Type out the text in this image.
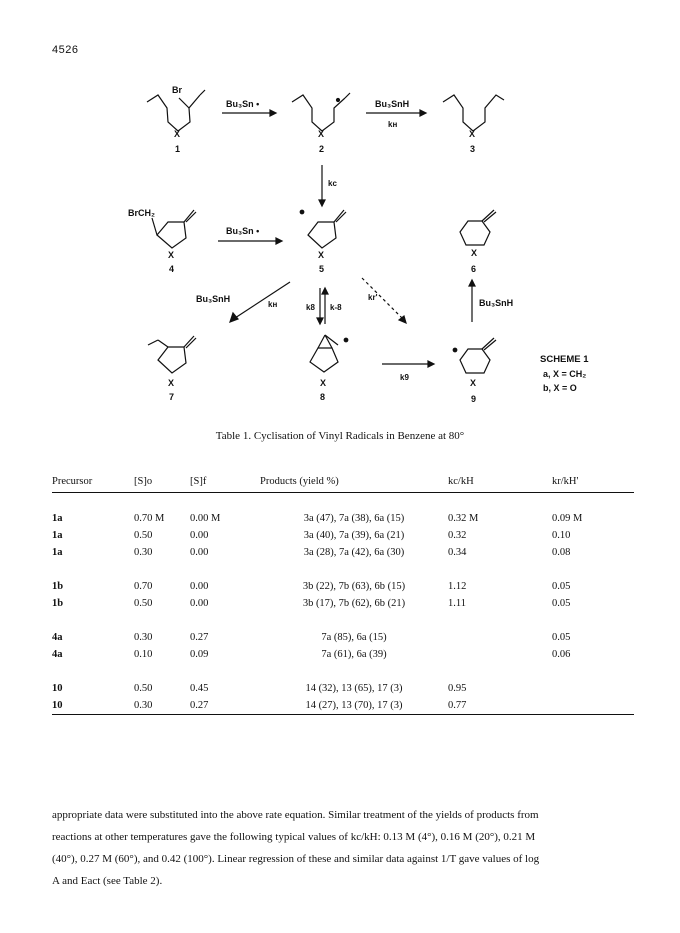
4526
Br
X
1
Bu₃Sn •
X
2
Bu₃SnH
kʜ
X
3
kc
BrCH₂
X
4
Bu₃Sn •
X
5
X
6
Bu₃SnH
kʜ	k8 k‑8
kr'
Bu₃SnH
X
7
X
8
k9
X
9
SCHEME 1
a, X = CH₂
b, X = O
Table 1. Cyclisation of Vinyl Radicals in Benzene at 80°
Precursor	[S]o	[S]f	Products (yield %)	kc/kH	kr/kH'

1a	0.70 M	0.00 M	3a (47), 7a (38), 6a (15)	0.32 M	0.09 M
1a	0.50	0.00	3a (40), 7a (39), 6a (21)	0.32	0.10
1a	0.30	0.00	3a (28), 7a (42), 6a (30)	0.34	0.08

1b	0.70	0.00	3b (22), 7b (63), 6b (15)	1.12	0.05
1b	0.50	0.00	3b (17), 7b (62), 6b (21)	1.11	0.05

4a	0.30	0.27	7a (85), 6a (15)		0.05
4a	0.10	0.09	7a (61), 6a (39)		0.06

10	0.50	0.45	14 (32), 13 (65), 17 (3)	0.95	
10	0.30	0.27	14 (27), 13 (70), 17 (3)	0.77	
appropriate data were substituted into the above rate equation. Similar treatment of the yields of products from
reactions at other temperatures gave the following typical values of kc/kH: 0.13 M (4°), 0.16 M (20°), 0.21 M
(40°), 0.27 M (60°), and 0.42 (100°). Linear regression of these and similar data against 1/T gave values of log
A and Eact (see Table 2).
